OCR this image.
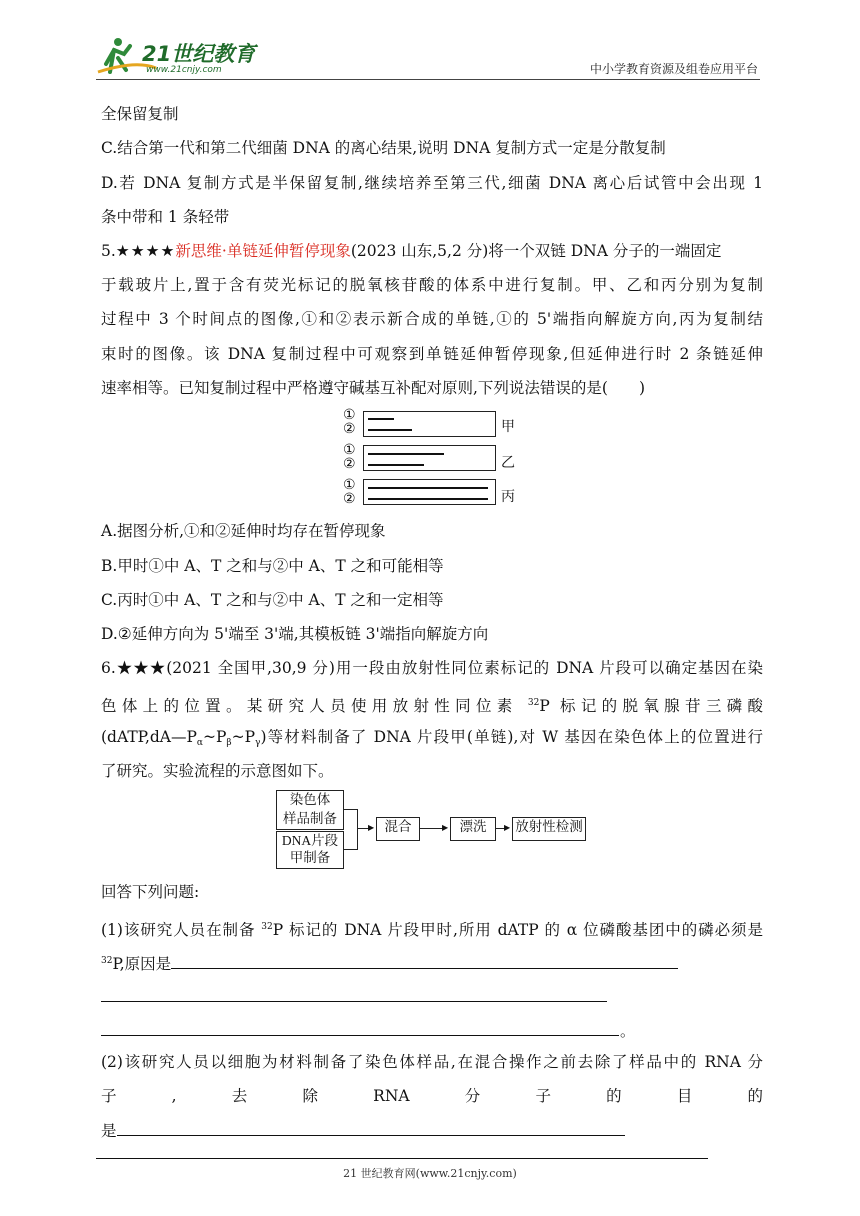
21世纪教育
www.21cnjy.com	中小学教育资源及组卷应用平台
全保留复制
C.结合第一代和第二代细菌 DNA 的离心结果,说明 DNA 复制方式一定是分散复制
D.若 DNA 复制方式是半保留复制,继续培养至第三代,细菌 DNA 离心后试管中会出现 1
条中带和 1 条轻带
5.★★★★新思维·单链延伸暂停现象(2023 山东,5,2 分)将一个双链 DNA 分子的一端固定
于载玻片上,置于含有荧光标记的脱氧核苷酸的体系中进行复制。甲、乙和丙分别为复制
过程中 3 个时间点的图像,①和②表示新合成的单链,①的 5'端指向解旋方向,丙为复制结
束时的图像。该 DNA 复制过程中可观察到单链延伸暂停现象,但延伸进行时 2 条链延伸
速率相等。已知复制过程中严格遵守碱基互补配对原则,下列说法错误的是(　　)
①
②	甲
①
②	乙
①
②	丙
A.据图分析,①和②延伸时均存在暂停现象
B.甲时①中 A、T 之和与②中 A、T 之和可能相等
C.丙时①中 A、T 之和与②中 A、T 之和一定相等
D.②延伸方向为 5'端至 3'端,其模板链 3'端指向解旋方向
6.★★★(2021 全国甲,30,9 分)用一段由放射性同位素标记的 DNA 片段可以确定基因在染
色体上的位置。某研究人员使用放射性同位素 $^{32}$P 标记的脱氧腺苷三磷酸
$(dATP,dA—P_\alpha\sim P_\beta\sim P_\gamma)$等材料制备了 DNA 片段甲(单链),对 W 基因在染色体上的位置进行
了研究。实验流程的示意图如下。
染色体
样品制备
DNA片段
甲制备
▶ 混合	▶ 漂洗	▶ 放射性检测
回答下列问题:
(1)该研究人员在制备 $^{32}$P 标记的 DNA 片段甲时,所用 dATP 的 α 位磷酸基团中的磷必须是
$^{32}$P,原因是
。
(2)该研究人员以细胞为材料制备了染色体样品,在混合操作之前去除了样品中的 RNA 分
子　,　去　除　RNA　分　子　的　目　的
是
21 世纪教育网(www.21cnjy.com)
